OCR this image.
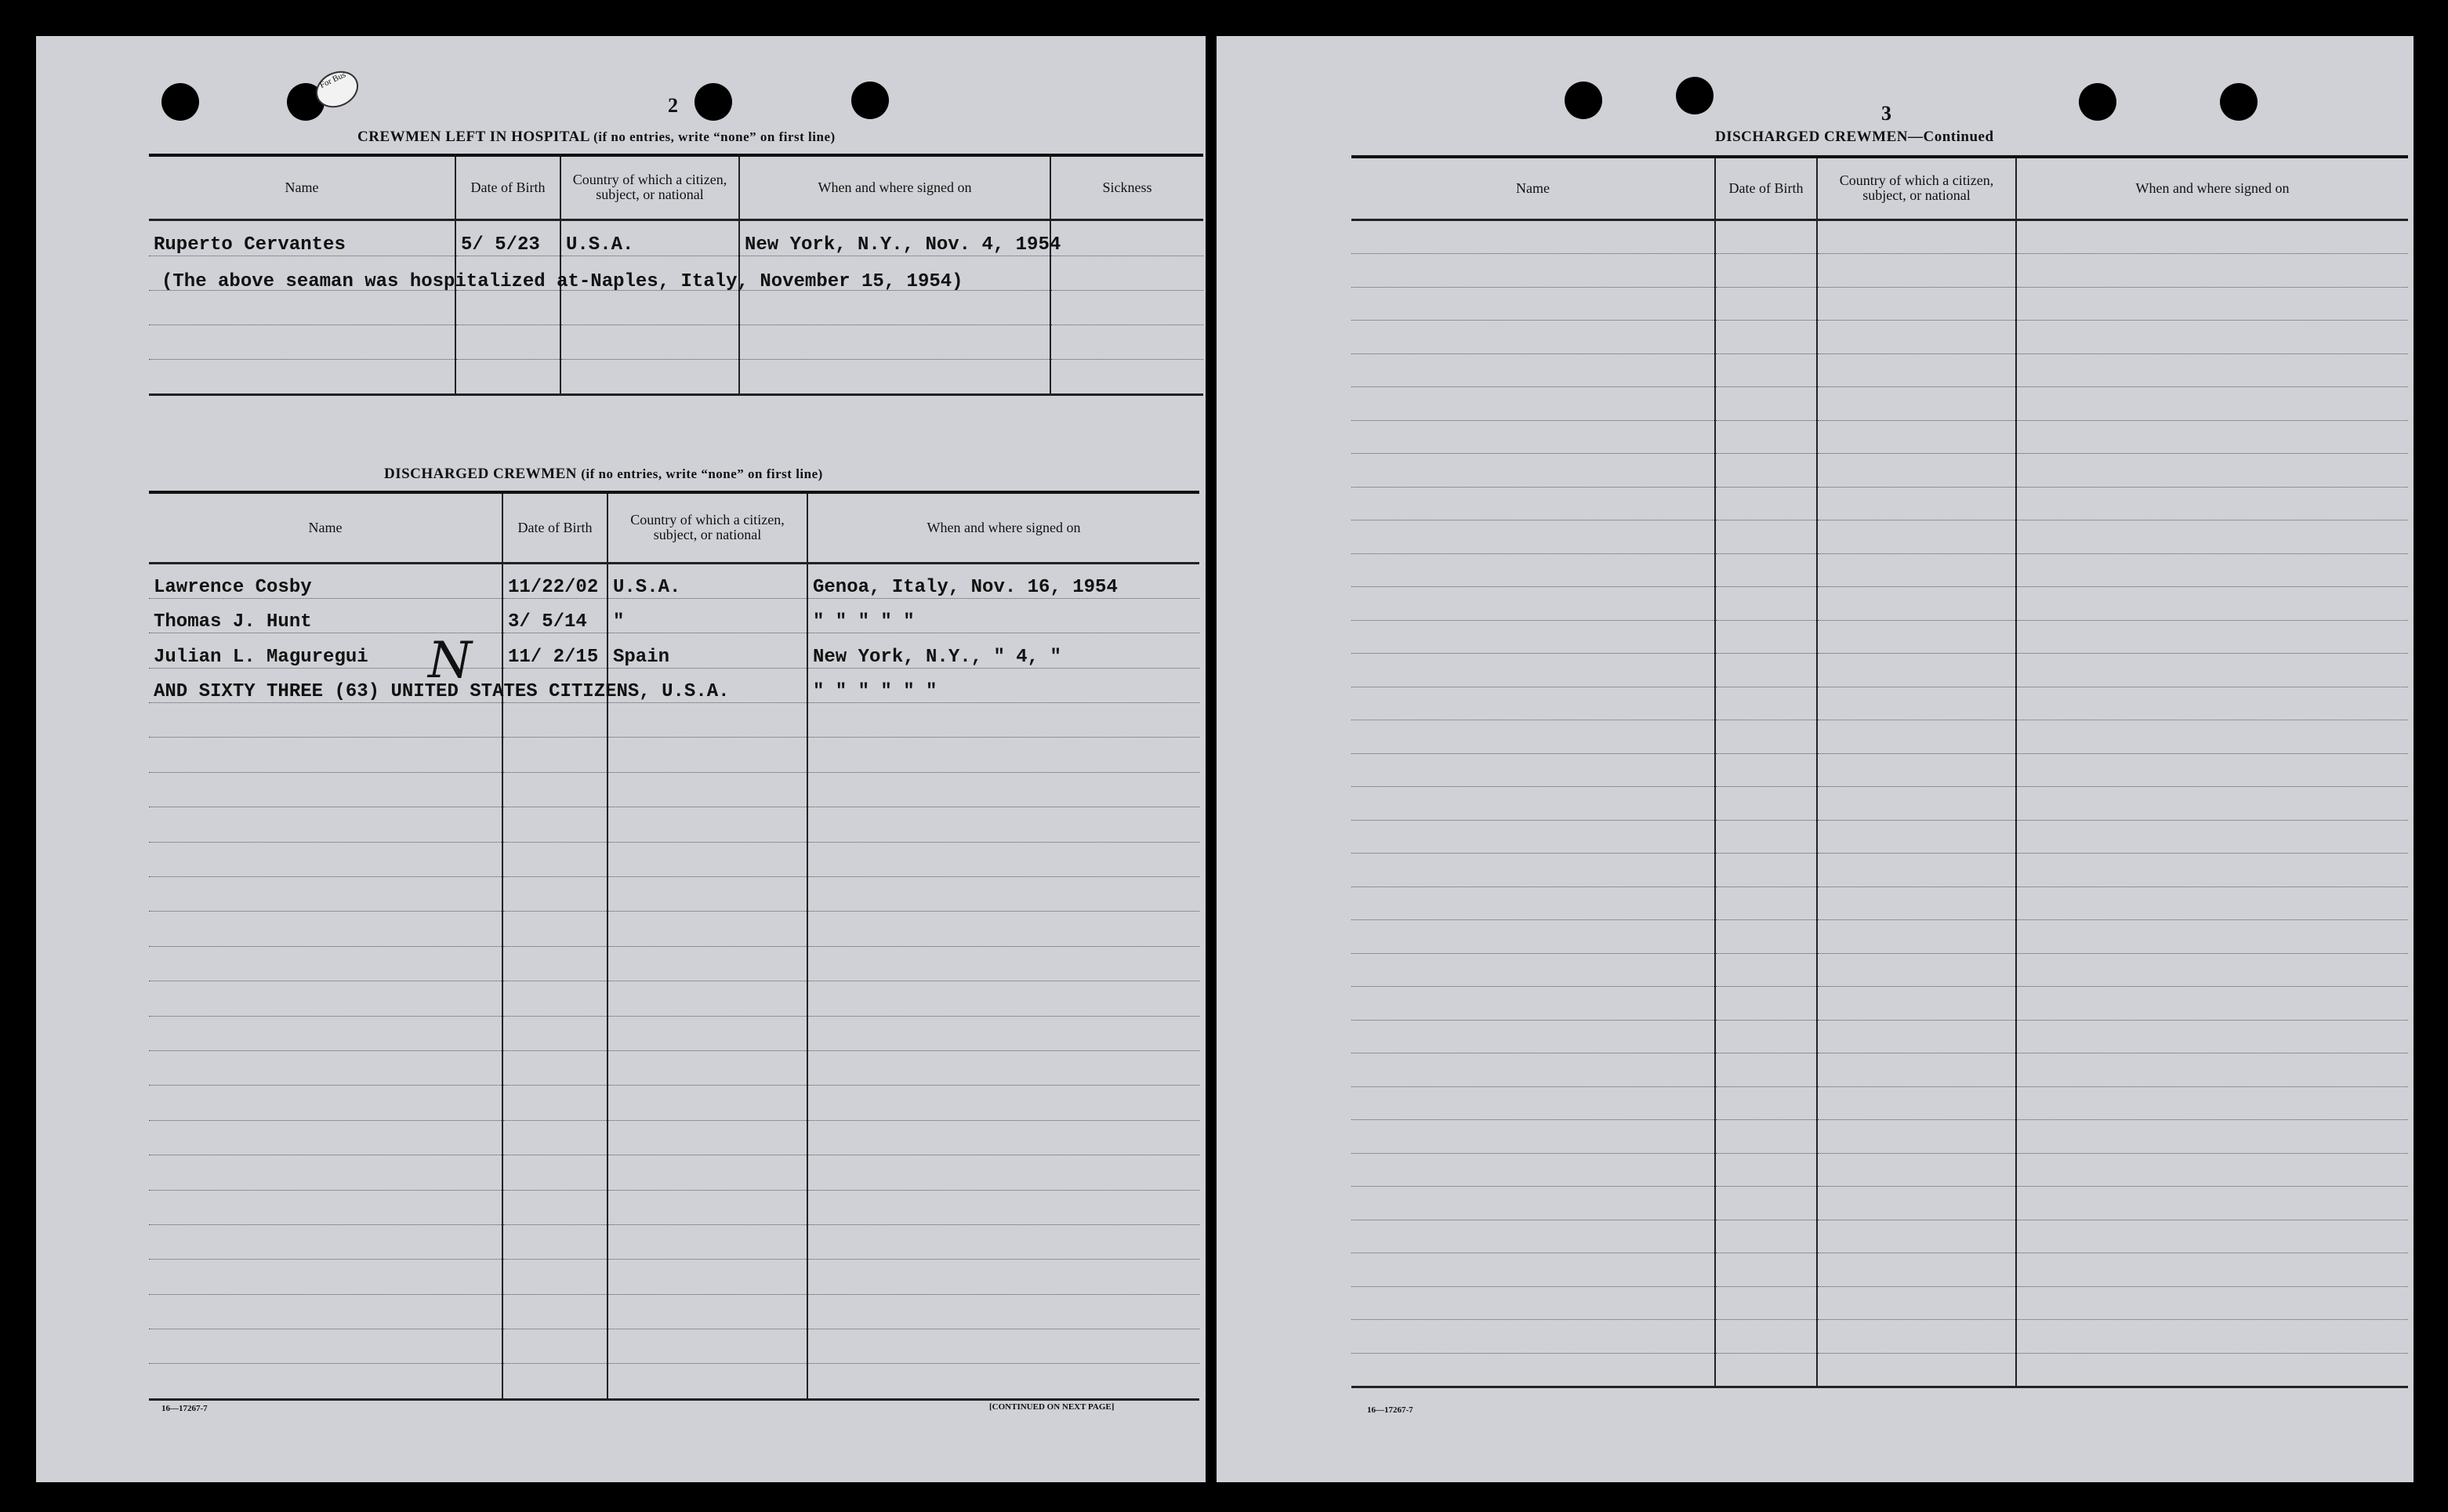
For Bus
2
CREWMEN LEFT IN HOSPITAL (if no entries, write “none” on first line)
Name	Date of Birth	Country of which a citizen, subject, or national	When and where signed on	Sickness
Ruperto Cervantes	5/ 5/23	U.S.A.	New York, N.Y., Nov. 4, 1954	

(The above seaman was hospitalized at-Naples, Italy, November 15, 1954)
DISCHARGED CREWMEN (if no entries, write “none” on first line)
Name	Date of Birth	Country of which a citizen, subject, or national	When and where signed on
Lawrence Cosby	11/22/02	U.S.A.	Genoa, Italy, Nov. 16, 1954
Thomas J. Hunt	3/ 5/14	"	" " " " "
Julian L. Maguregui	11/ 2/15	Spain	New York, N.Y., " 4, "
AND SIXTY THREE (63) UNITED STATES CITIZENS, U.S.A.			" " " " " "

N
16—17267-7	[CONTINUED ON NEXT PAGE]
3
DISCHARGED CREWMEN—Continued
Name	Date of Birth	Country of which a citizen, subject, or national	When and where signed on

16—17267-7
